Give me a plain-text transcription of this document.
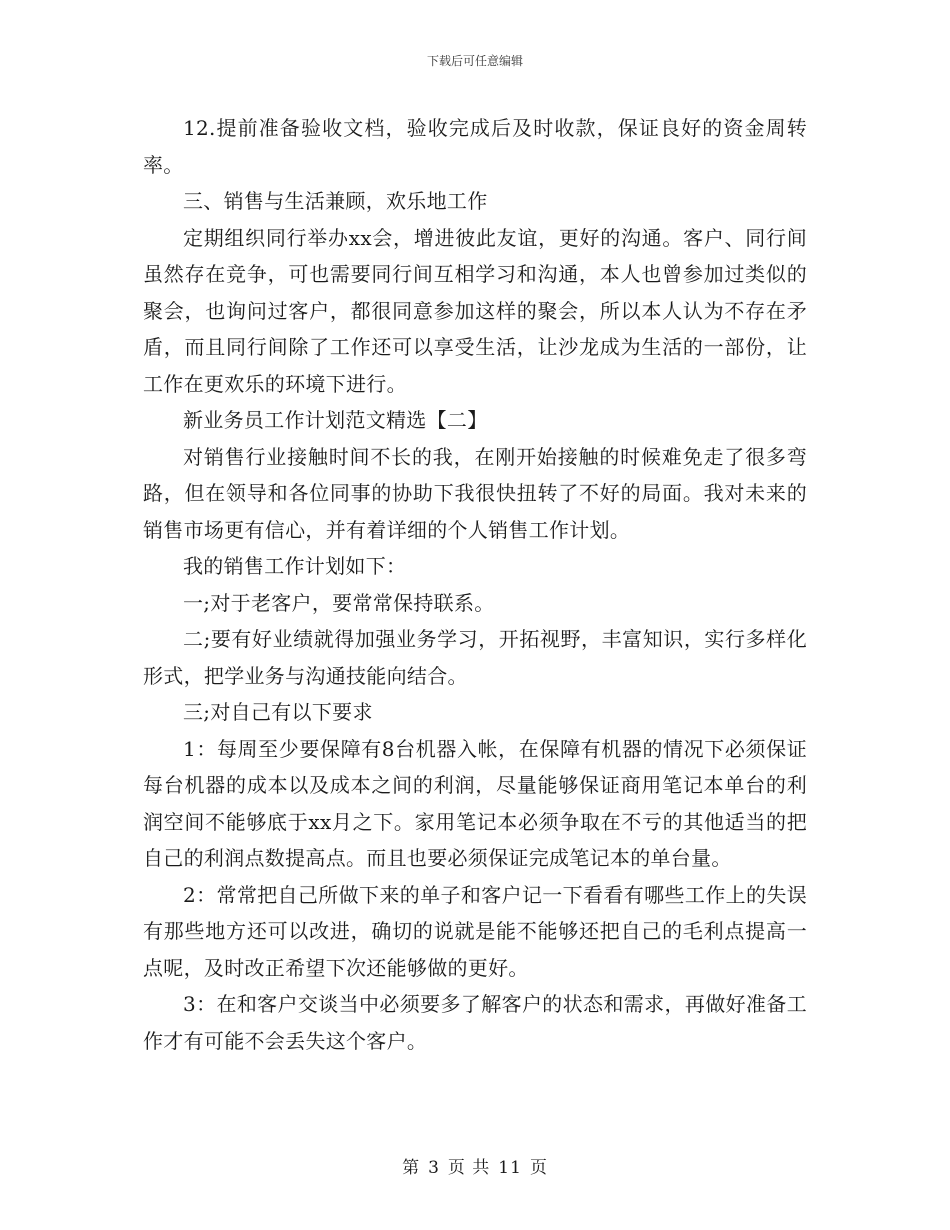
下载后可任意编辑

12.提前准备验收文档，验收完成后及时收款，保证良好的资金周转率。

三、销售与生活兼顾，欢乐地工作

定期组织同行举办xx会，增进彼此友谊，更好的沟通。客户、同行间虽然存在竞争，可也需要同行间互相学习和沟通，本人也曾参加过类似的聚会，也询问过客户，都很同意参加这样的聚会，所以本人认为不存在矛盾，而且同行间除了工作还可以享受生活，让沙龙成为生活的一部份，让工作在更欢乐的环境下进行。

新业务员工作计划范文精选【二】

对销售行业接触时间不长的我，在刚开始接触的时候难免走了很多弯路，但在领导和各位同事的协助下我很快扭转了不好的局面。我对未来的销售市场更有信心，并有着详细的个人销售工作计划。

我的销售工作计划如下：

一;对于老客户，要常常保持联系。

二;要有好业绩就得加强业务学习，开拓视野，丰富知识，实行多样化形式，把学业务与沟通技能向结合。

三;对自己有以下要求

1：每周至少要保障有8台机器入帐，在保障有机器的情况下必须保证每台机器的成本以及成本之间的利润，尽量能够保证商用笔记本单台的利润空间不能够底于xx月之下。家用笔记本必须争取在不亏的其他适当的把自己的利润点数提高点。而且也要必须保证完成笔记本的单台量。

2：常常把自己所做下来的单子和客户记一下看看有哪些工作上的失误有那些地方还可以改进，确切的说就是能不能够还把自己的毛利点提高一点呢，及时改正希望下次还能够做的更好。

3：在和客户交谈当中必须要多了解客户的状态和需求，再做好准备工作才有可能不会丢失这个客户。

第 3 页 共 11 页
